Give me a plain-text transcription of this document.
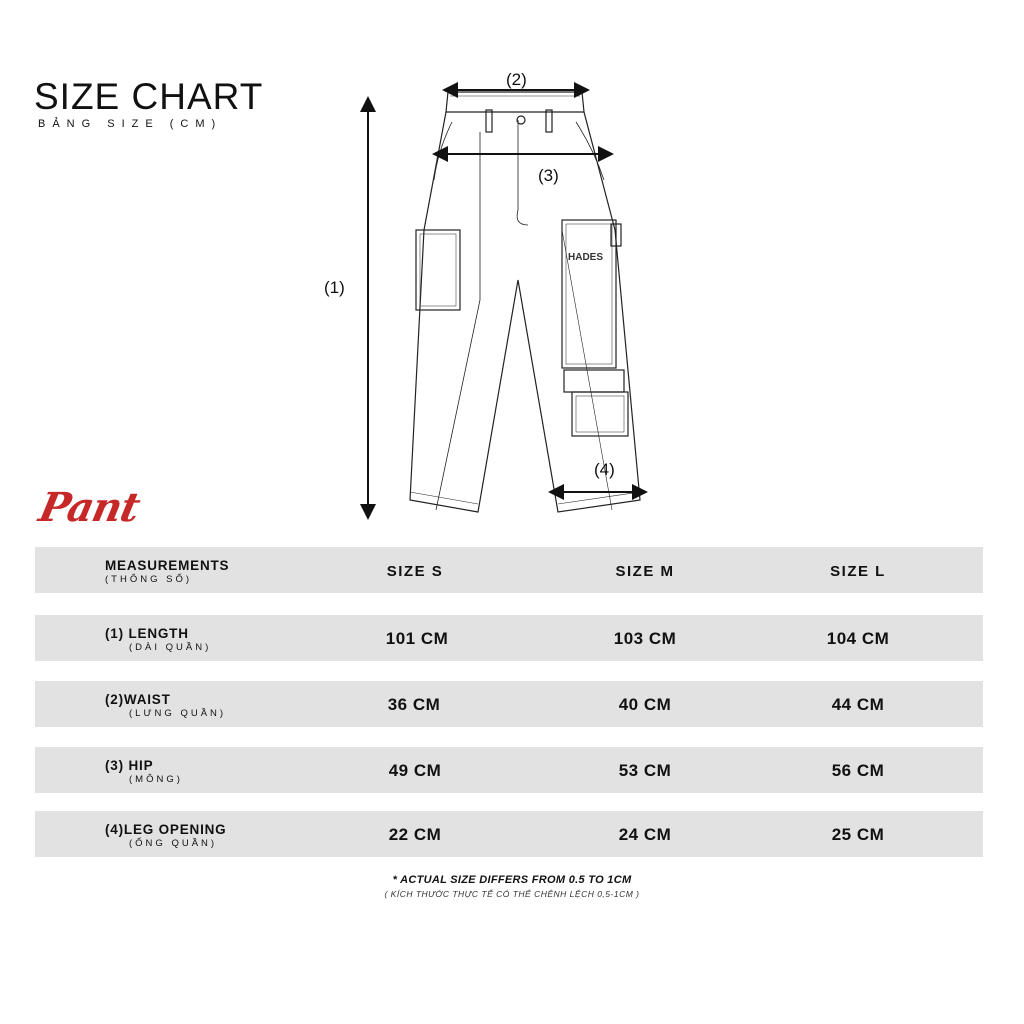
SIZE CHART
BẢNG SIZE (CM)
HADES
(1)
(2)
(3)
(4)
Pant
MEASUREMENTS
(THÔNG SỐ)	SIZE S	SIZE M	SIZE L
(1) LENGTH
(DÀI QUẦN)	101 CM	103 CM	104 CM
(2)WAIST
(LƯNG QUẦN)	36 CM	40 CM	44 CM
(3) HIP
(MÔNG)	49 CM	53 CM	56 CM
(4)LEG OPENING
(ỐNG QUẦN)	22 CM	24 CM	25 CM
* ACTUAL SIZE DIFFERS FROM 0.5 TO 1CM
( KÍCH THƯỚC THỰC TẾ CÓ THỂ CHÊNH LỆCH 0,5-1CM )
